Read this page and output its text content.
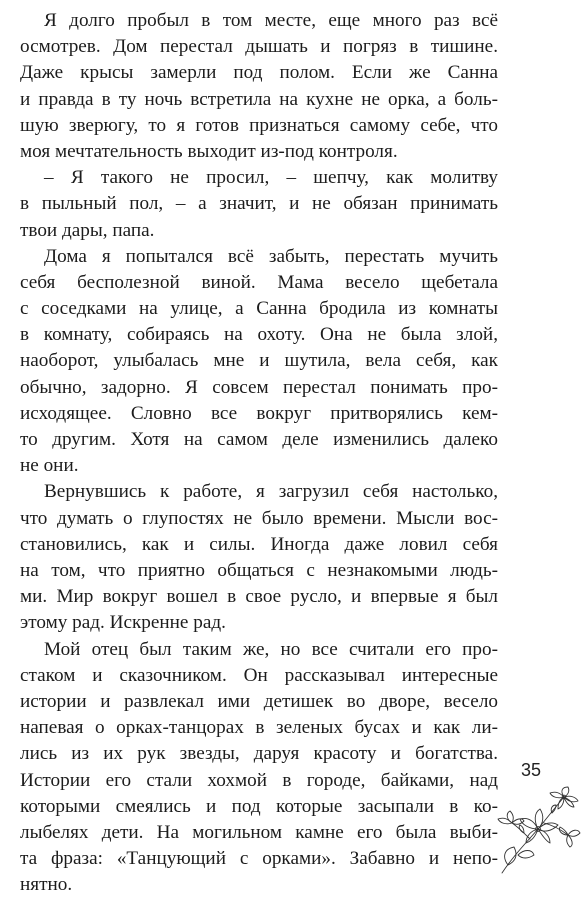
Я долго пробыл в том месте, еще много раз всё
осмотрев. Дом перестал дышать и погряз в тишине.
Даже крысы замерли под полом. Если же Санна
и правда в ту ночь встретила на кухне не орка, а боль-
шую зверюгу, то я готов признаться самому себе, что
моя мечтательность выходит из-под контроля.
– Я такого не просил, – шепчу, как молитву
в пыльный пол, – а значит, и не обязан принимать
твои дары, папа.
Дома я попытался всё забыть, перестать мучить
себя бесполезной виной. Мама весело щебетала
с соседками на улице, а Санна бродила из комнаты
в комнату, собираясь на охоту. Она не была злой,
наоборот, улыбалась мне и шутила, вела себя, как
обычно, задорно. Я совсем перестал понимать про-
исходящее. Словно все вокруг притворялись кем-
то другим. Хотя на самом деле изменились далеко
не они.
Вернувшись к работе, я загрузил себя настолько,
что думать о глупостях не было времени. Мысли вос-
становились, как и силы. Иногда даже ловил себя
на том, что приятно общаться с незнакомыми людь-
ми. Мир вокруг вошел в свое русло, и впервые я был
этому рад. Искренне рад.
Мой отец был таким же, но все считали его про-
стаком и сказочником. Он рассказывал интересные
истории и развлекал ими детишек во дворе, весело
напевая о орках-танцорах в зеленых бусах и как ли-
лись из их рук звезды, даруя красоту и богатства.
Истории его стали хохмой в городе, байками, над
которыми смеялись и под которые засыпали в ко-
лыбелях дети. На могильном камне его была выби-
та фраза: «Танцующий с орками». Забавно и непо-
нятно.
35
